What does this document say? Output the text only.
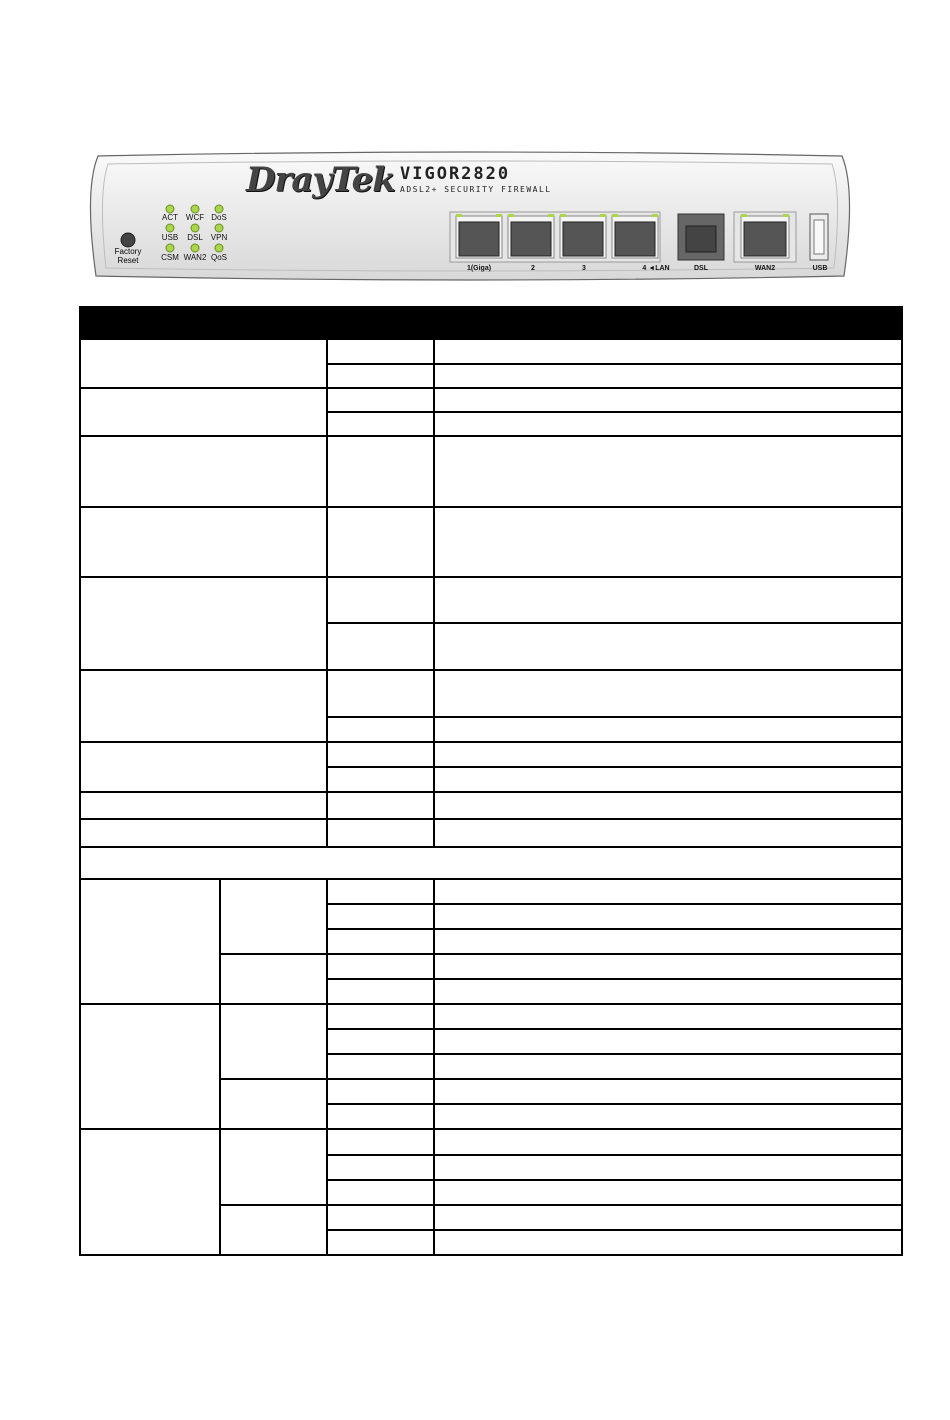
DrayTek VIGOR2820
ADSL2+ SECURITY FIREWALL
ACT WCF DoS
USB	DSL VPN
CSM WAN2 QoS
Factory
Reset
1(Giga)	2	3	4 ◄LAN	DSL	WAN2	USB
